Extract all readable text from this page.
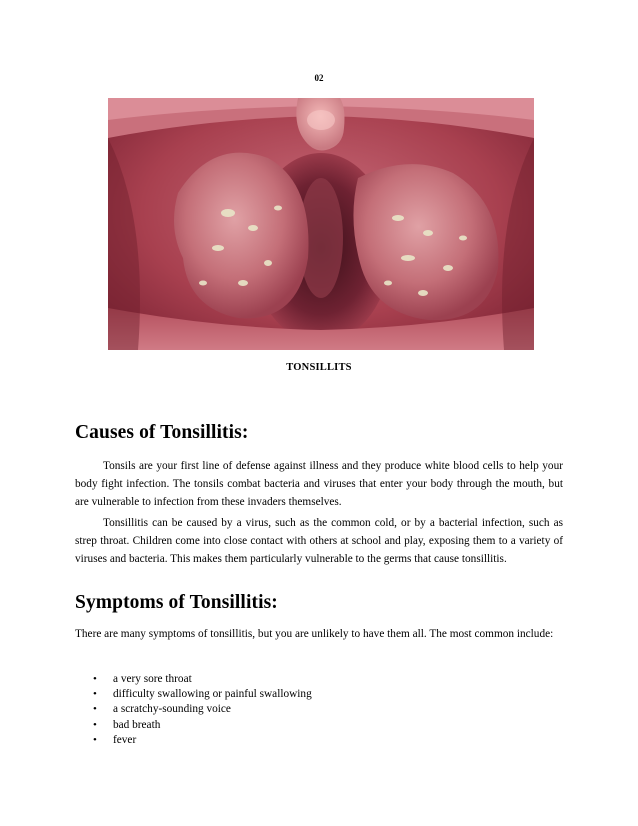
02
TONSILLITS
Causes of Tonsillitis:

Tonsils are your first line of defense against illness and they produce white blood cells to help your body fight infection. The tonsils combat bacteria and viruses that enter your body through the mouth, but are vulnerable to infection from these invaders themselves.

Tonsillitis can be caused by a virus, such as the common cold, or by a bacterial infection, such as strep throat. Children come into close contact with others at school and play, exposing them to a variety of viruses and bacteria. This makes them particularly vulnerable to the germs that cause tonsillitis.

Symptoms of Tonsillitis:

There are many symptoms of tonsillitis, but you are unlikely to have them all. The most common include:

• a very sore throat
• difficulty swallowing or painful swallowing
• a scratchy-sounding voice
• bad breath
• fever
